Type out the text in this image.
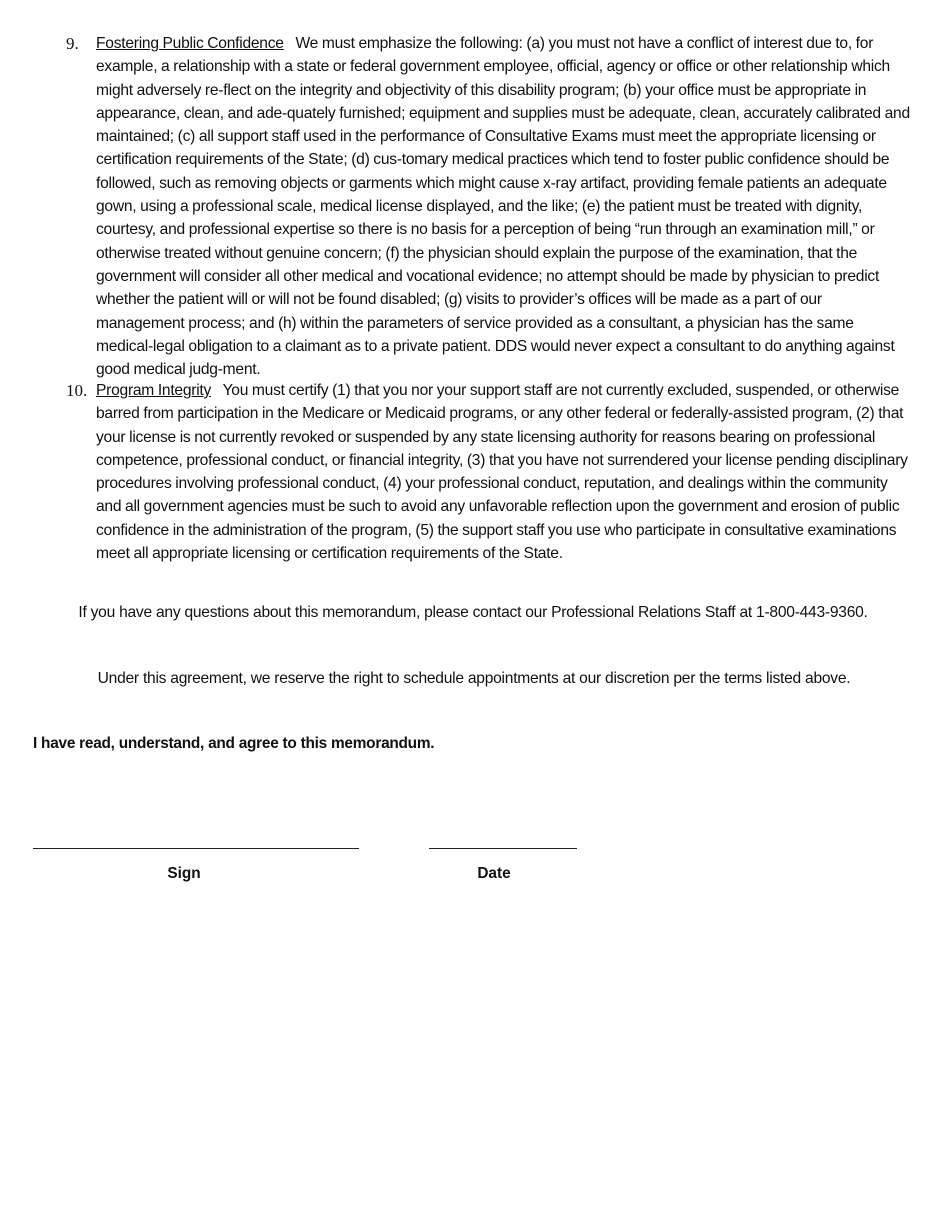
9. Fostering Public Confidence We must emphasize the following: (a) you must not have a conflict of interest due to, for example, a relationship with a state or federal government employee, official, agency or office or other relationship which might adversely re-flect on the integrity and objectivity of this disability program; (b) your office must be appropriate in appearance, clean, and ade-quately furnished; equipment and supplies must be adequate, clean, accurately calibrated and maintained; (c) all support staff used in the performance of Consultative Exams must meet the appropriate licensing or certification requirements of the State; (d) cus-tomary medical practices which tend to foster public confidence should be followed, such as removing objects or garments which might cause x-ray artifact, providing female patients an adequate gown, using a professional scale, medical license displayed, and the like; (e) the patient must be treated with dignity, courtesy, and professional expertise so there is no basis for a perception of being “run through an examination mill,” or otherwise treated without genuine concern; (f) the physician should explain the purpose of the examination, that the government will consider all other medical and vocational evidence; no attempt should be made by physician to predict whether the patient will or will not be found disabled; (g) visits to provider’s offices will be made as a part of our management process; and (h) within the parameters of service provided as a consultant, a physician has the same medical-legal obligation to a claimant as to a private patient. DDS would never expect a consultant to do anything against good medical judg-ment.
10. Program Integrity You must certify (1) that you nor your support staff are not currently excluded, suspended, or otherwise barred from participation in the Medicare or Medicaid programs, or any other federal or federally-assisted program, (2) that your license is not currently revoked or suspended by any state licensing authority for reasons bearing on professional competence, professional conduct, or financial integrity, (3) that you have not surrendered your license pending disciplinary procedures involving professional conduct, (4) your professional conduct, reputation, and dealings within the community and all government agencies must be such to avoid any unfavorable reflection upon the government and erosion of public confidence in the administration of the program, (5) the support staff you use who participate in consultative examinations meet all appropriate licensing or certification requirements of the State.
If you have any questions about this memorandum, please contact our Professional Relations Staff at 1-800-443-9360.
Under this agreement, we reserve the right to schedule appointments at our discretion per the terms listed above.
I have read, understand, and agree to this memorandum.
Sign	Date
